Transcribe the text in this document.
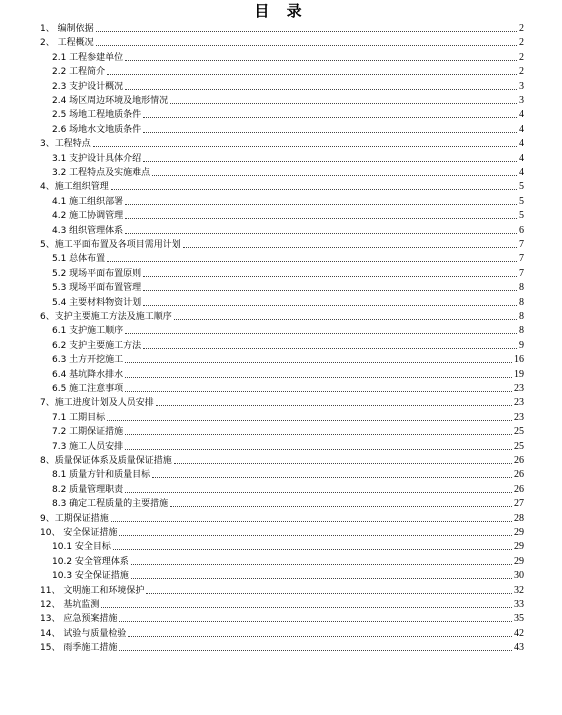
目 录
1、 编制依据	2
2、 工程概况	2
2.1 工程参建单位	2
2.2 工程简介	2
2.3 支护设计概况	3
2.4 场区周边环境及地形情况	3
2.5 场地工程地质条件	4
2.6 场地水文地质条件	4
3、工程特点	4
3.1 支护设计具体介绍	4
3.2 工程特点及实施难点	4
4、施工组织管理	5
4.1 施工组织部署	5
4.2 施工协调管理	5
4.3 组织管理体系	6
5、施工平面布置及各项目需用计划	7
5.1 总体布置	7
5.2 现场平面布置原则	7
5.3 现场平面布置管理	8
5.4 主要材料物资计划	8
6、支护主要施工方法及施工顺序	8
6.1 支护施工顺序	8
6.2 支护主要施工方法	9
6.3 土方开挖施工	16
6.4 基坑降水排水	19
6.5 施工注意事项	23
7、施工进度计划及人员安排	23
7.1 工期目标	23
7.2 工期保证措施	25
7.3 施工人员安排	25
8、质量保证体系及质量保证措施	26
8.1 质量方针和质量目标	26
8.2 质量管理职责	26
8.3 确定工程质量的主要措施	27
9、工期保证措施	28
10、 安全保证措施	29
10.1 安全目标	29
10.2 安全管理体系	29
10.3 安全保证措施	30
11、 文明施工和环境保护	32
12、 基坑监测	33
13、 应急预案措施	35
14、 试验与质量检验	42
15、 雨季施工措施	43
